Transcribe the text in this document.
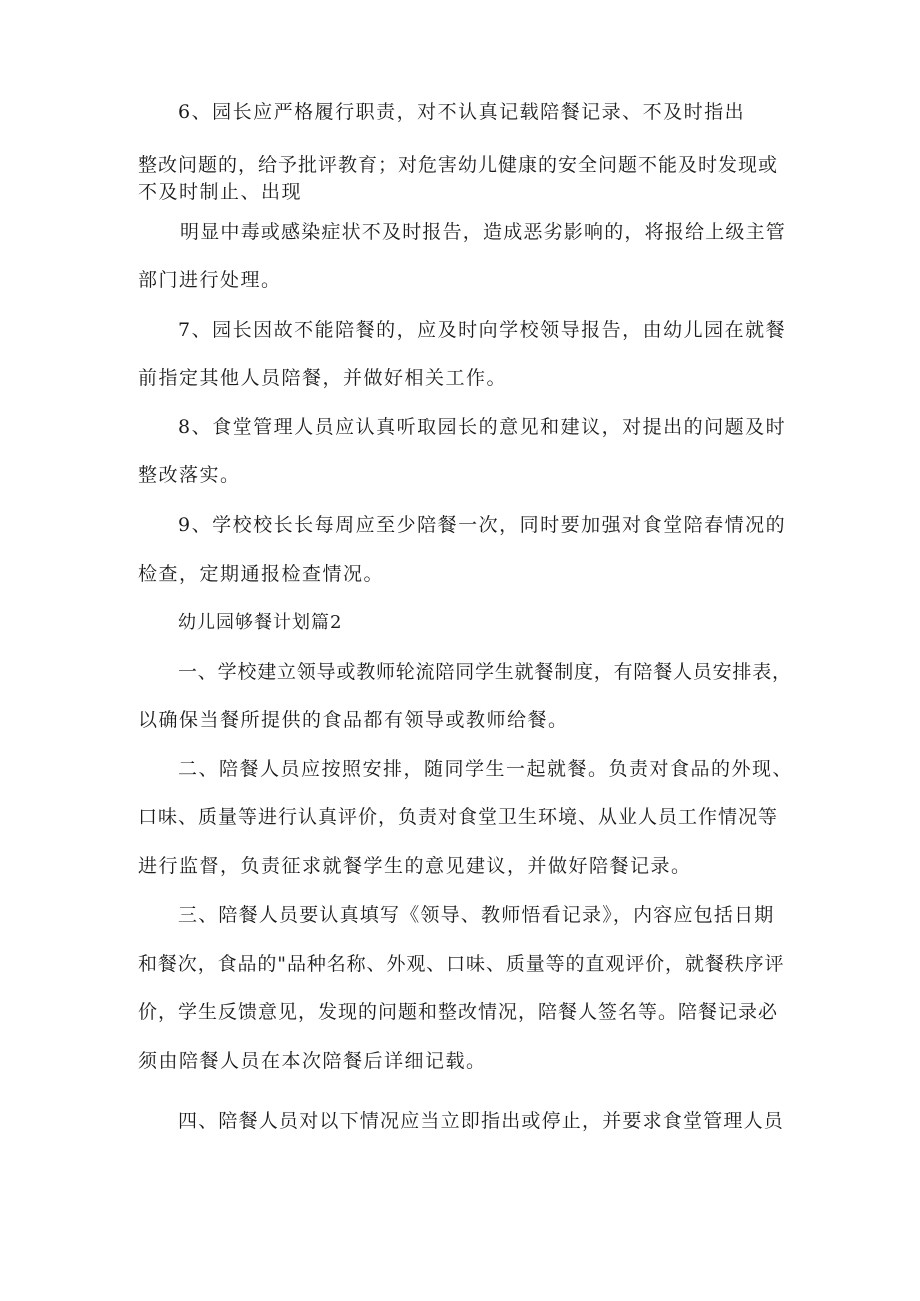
6、园长应严格履行职责，对不认真记载陪餐记录、不及时指出
整改问题的，给予批评教育；对危害幼儿健康的安全问题不能及时发现或
不及时制止、出现
明显中毒或感染症状不及时报告，造成恶劣影响的，将报给上级主管
部门进行处理。
7、园长因故不能陪餐的，应及时向学校领导报告，由幼儿园在就餐
前指定其他人员陪餐，并做好相关工作。
8、食堂管理人员应认真听取园长的意见和建议，对提出的问题及时
整改落实。
9、学校校长长每周应至少陪餐一次，同时要加强对食堂陪春情况的
检查，定期通报检查情况。
幼儿园够餐计划篇2
一、学校建立领导或教师轮流陪同学生就餐制度，有陪餐人员安排表，
以确保当餐所提供的食品都有领导或教师给餐。
二、陪餐人员应按照安排，随同学生一起就餐。负责对食品的外现、
口味、质量等进行认真评价，负责对食堂卫生环境、从业人员工作情况等
进行监督，负责征求就餐学生的意见建议，并做好陪餐记录。
三、陪餐人员要认真填写《领导、教师悟看记录》，内容应包括日期
和餐次，食品的"品种名称、外观、口味、质量等的直观评价，就餐秩序评
价，学生反馈意见，发现的问题和整改情况，陪餐人签名等。陪餐记录必
须由陪餐人员在本次陪餐后详细记载。
四、陪餐人员对以下情况应当立即指出或停止，并要求食堂管理人员
